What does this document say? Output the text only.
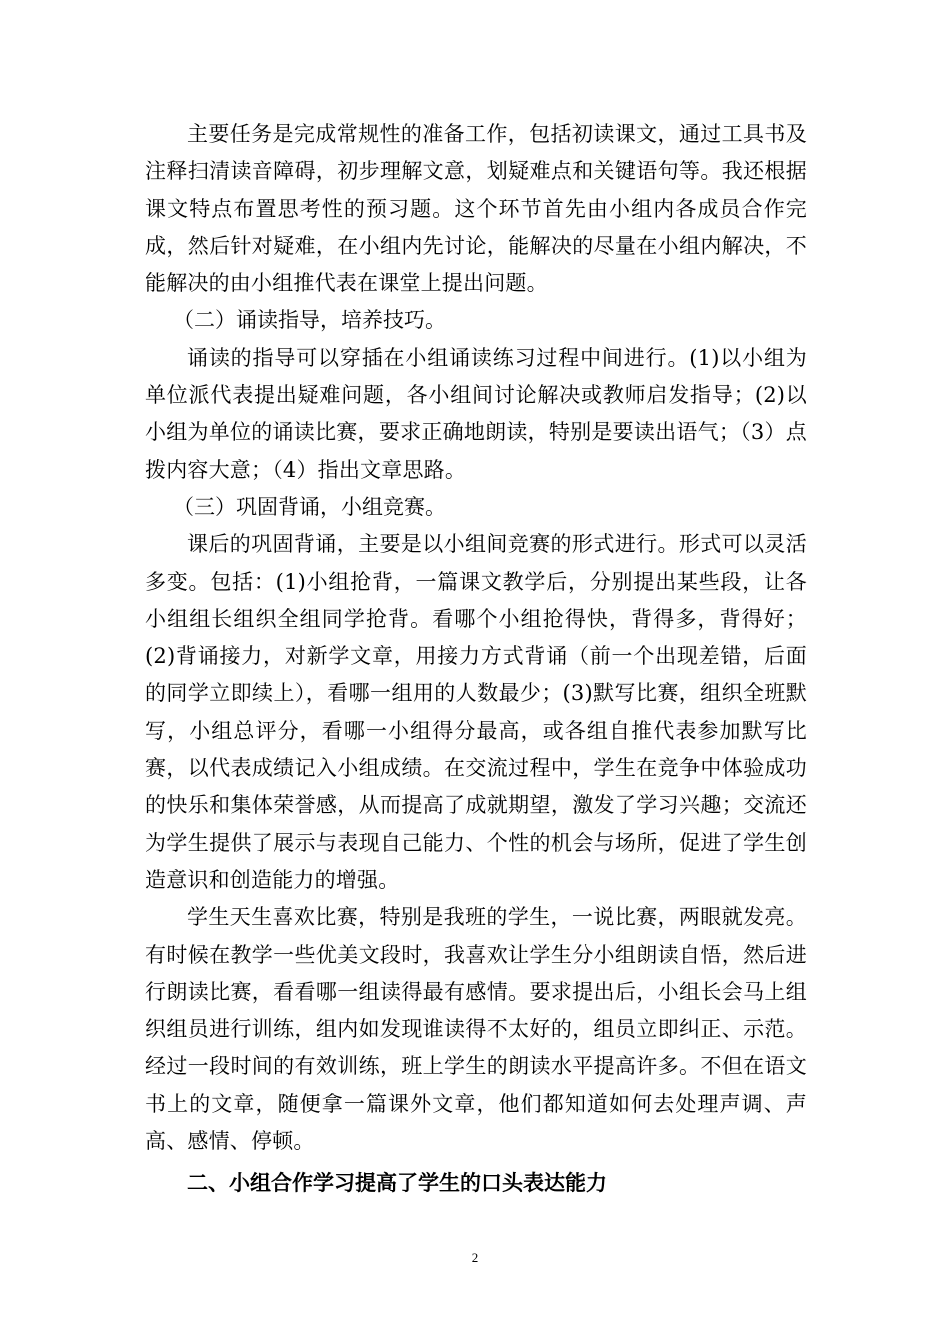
主要任务是完成常规性的准备工作，包括初读课文，通过工具书及注释扫清读音障碍，初步理解文意，划疑难点和关键语句等。我还根据课文特点布置思考性的预习题。这个环节首先由小组内各成员合作完成，然后针对疑难，在小组内先讨论，能解决的尽量在小组内解决，不能解决的由小组推代表在课堂上提出问题。

（二）诵读指导，培养技巧。

诵读的指导可以穿插在小组诵读练习过程中间进行。(1)以小组为单位派代表提出疑难问题，各小组间讨论解决或教师启发指导；(2)以小组为单位的诵读比赛，要求正确地朗读，特别是要读出语气；（3）点拨内容大意；（4）指出文章思路。

（三）巩固背诵，小组竞赛。

课后的巩固背诵，主要是以小组间竞赛的形式进行。形式可以灵活多变。包括：(1)小组抢背，一篇课文教学后，分别提出某些段，让各小组组长组织全组同学抢背。看哪个小组抢得快，背得多，背得好；(2)背诵接力，对新学文章，用接力方式背诵（前一个出现差错，后面的同学立即续上），看哪一组用的人数最少；(3)默写比赛，组织全班默写，小组总评分，看哪一小组得分最高，或各组自推代表参加默写比赛，以代表成绩记入小组成绩。在交流过程中，学生在竞争中体验成功的快乐和集体荣誉感，从而提高了成就期望，激发了学习兴趣；交流还为学生提供了展示与表现自己能力、个性的机会与场所，促进了学生创造意识和创造能力的增强。

学生天生喜欢比赛，特别是我班的学生，一说比赛，两眼就发亮。有时候在教学一些优美文段时，我喜欢让学生分小组朗读自悟，然后进行朗读比赛，看看哪一组读得最有感情。要求提出后，小组长会马上组织组员进行训练，组内如发现谁读得不太好的，组员立即纠正、示范。经过一段时间的有效训练，班上学生的朗读水平提高许多。不但在语文书上的文章，随便拿一篇课外文章，他们都知道如何去处理声调、声高、感情、停顿。

二、小组合作学习提高了学生的口头表达能力

2
